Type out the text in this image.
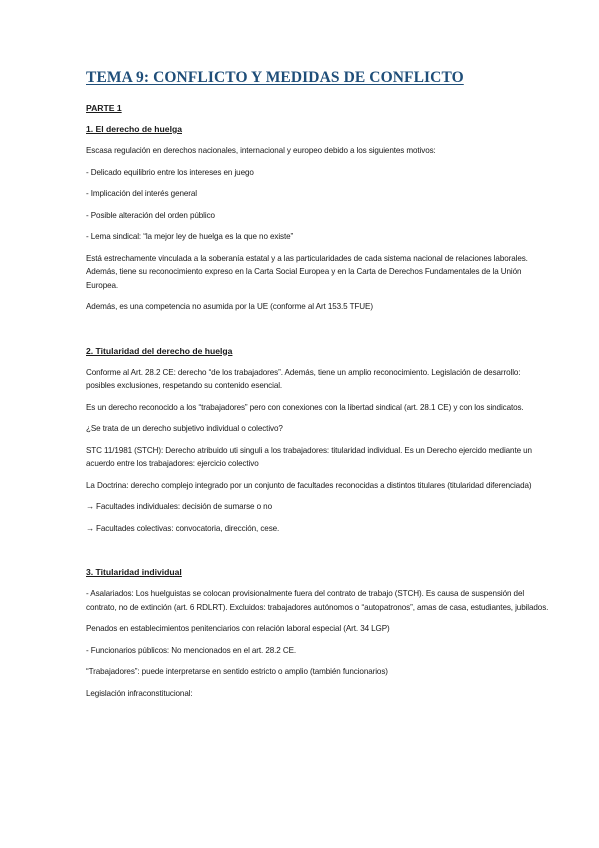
TEMA 9: CONFLICTO Y MEDIDAS DE CONFLICTO
PARTE 1
1. El derecho de huelga
Escasa regulación en derechos nacionales, internacional y europeo debido a los siguientes motivos:
- Delicado equilibrio entre los intereses en juego
- Implicación del interés general
- Posible alteración del orden público
- Lema sindical: “la mejor ley de huelga es la que no existe”
Está estrechamente vinculada a la soberanía estatal y a las particularidades de cada sistema nacional de relaciones laborales. Además, tiene su reconocimiento expreso en la Carta Social Europea y en la Carta de Derechos Fundamentales de la Unión Europea.
Además, es una competencia no asumida por la UE (conforme al Art 153.5 TFUE)
2. Titularidad del derecho de huelga
Conforme al Art. 28.2 CE: derecho “de los trabajadores”. Además, tiene un amplio reconocimiento. Legislación de desarrollo: posibles exclusiones, respetando su contenido esencial.
Es un derecho reconocido a los “trabajadores” pero con conexiones con la libertad sindical (art. 28.1 CE) y con los sindicatos.
¿Se trata de un derecho subjetivo individual o colectivo?
STC 11/1981 (STCH): Derecho atribuido uti singuli a los trabajadores: titularidad individual. Es un Derecho ejercido mediante un acuerdo entre los trabajadores: ejercicio colectivo
La Doctrina: derecho complejo integrado por un conjunto de facultades reconocidas a distintos titulares (titularidad diferenciada)
→ Facultades individuales: decisión de sumarse o no
→ Facultades colectivas: convocatoria, dirección, cese.
3. Titularidad individual
- Asalariados: Los huelguistas se colocan provisionalmente fuera del contrato de trabajo (STCH). Es causa de suspensión del contrato, no de extinción (art. 6 RDLRT). Excluidos: trabajadores autónomos o “autopatronos”, amas de casa, estudiantes, jubilados.
Penados en establecimientos penitenciarios con relación laboral especial (Art. 34 LGP)
- Funcionarios públicos: No mencionados en el art. 28.2 CE.
“Trabajadores”: puede interpretarse en sentido estricto o amplio (también funcionarios)
Legislación infraconstitucional:
